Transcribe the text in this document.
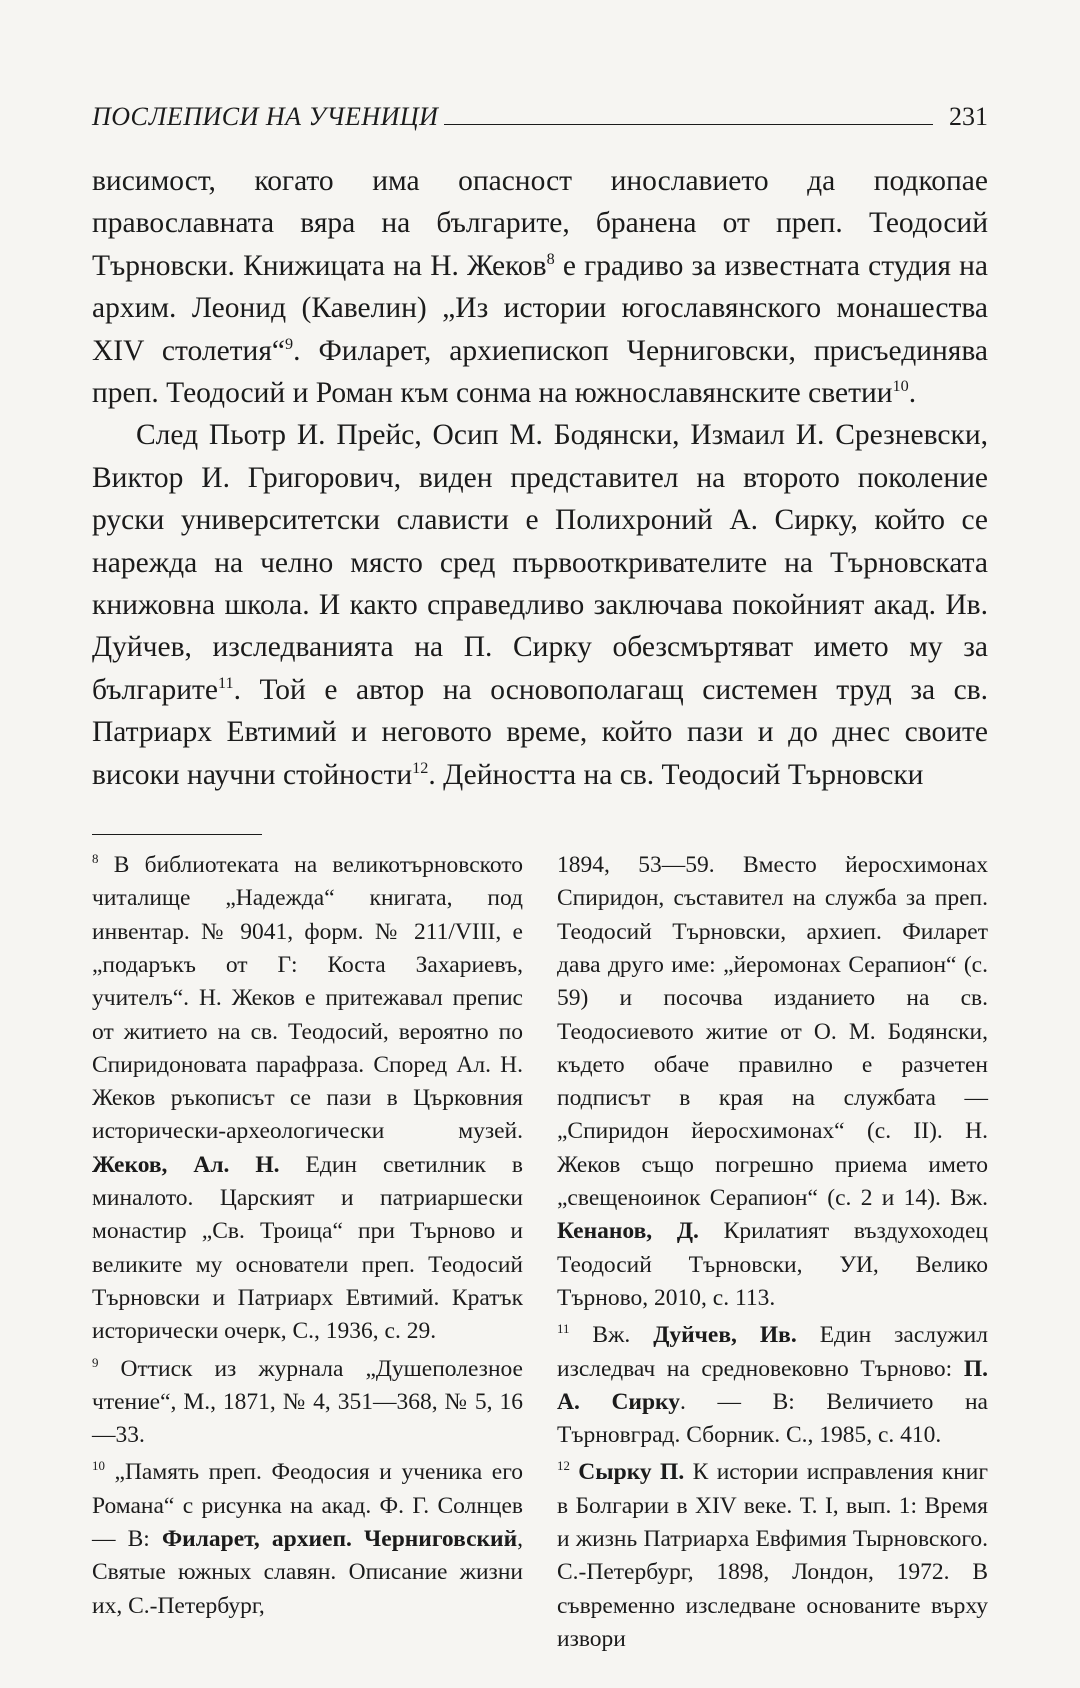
ПОСЛЕПИСИ НА УЧЕНИЦИ	231

висимост, когато има опасност инославието да подкопае православната вяра на българите, бранена от преп. Теодосий Търновски. Книжицата на Н. Жеков$^8$ е градиво за известната студия на архим. Леонид (Кавелин) „Из истории югославянского монашества XIV столетия“$^9$. Филарет, архиепископ Черниговски, присъединява преп. Теодосий и Роман към сонма на южнославянските светии$^{10}$.

След Пьотр И. Прейс, Осип М. Бодянски, Измаил И. Срезневски, Виктор И. Григорович, виден представител на второто поколение руски университетски слависти е Полихроний А. Сирку, който се нарежда на челно място сред първооткривателите на Търновската книжовна школа. И както справедливо заключава покойният акад. Ив. Дуйчев, изследванията на П. Сирку обезсмъртяват името му за българите$^{11}$. Той е автор на основополагащ системен труд за св. Патриарх Евтимий и неговото време, който пази и до днес своите високи научни стойности$^{12}$. Дейността на св. Теодосий Търновски

$^8$ В библиотеката на великотърновското читалище „Надежда“ книгата, под инвентар. № 9041, форм. № 211/VIII, е „подаръкъ от Г: Коста Захариевъ, учителъ“. Н. Жеков е притежавал препис от житието на св. Теодосий, вероятно по Спиридоновата парафраза. Според Ал. Н. Жеков ръкописът се пази в Църковния исторически-археологически музей. Жеков, Ал. Н. Един светилник в миналото. Царският и патриаршески монастир „Св. Троица“ при Търново и великите му основатели преп. Теодосий Търновски и Патриарх Евтимий. Кратък исторически очерк, С., 1936, с. 29.

$^9$ Оттиск из журнала „Душеполезное чтение“, М., 1871, № 4, 351—368, № 5, 16—33.

$^{10}$ „Память преп. Феодосия и ученика его Романа“ с рисунка на акад. Ф. Г. Солнцев — В: Филарет, архиеп. Черниговский, Святые южных славян. Описание жизни их, С.-Петербург,

1894, 53—59. Вместо йеросхимонах Спиридон, съставител на служба за преп. Теодосий Търновски, архиеп. Филарет дава друго име: „йеромонах Серапион“ (с. 59) и посочва изданието на св. Теодосиевото житие от О. М. Бодянски, където обаче правилно е разчетен подписът в края на службата — „Спиридон йеросхимонах“ (с. II). Н. Жеков също погрешно приема името „свещеноинок Серапион“ (с. 2 и 14). Вж. Кенанов, Д. Крилатият въздухоходец Теодосий Търновски, УИ, Велико Търново, 2010, с. 113.

$^{11}$ Вж. Дуйчев, Ив. Един заслужил изследвач на средновековно Търново: П. А. Сирку. — В: Величието на Търновград. Сборник. С., 1985, с. 410.

$^{12}$ Сырку П. К истории исправления книг в Болгарии в XIV веке. Т. I, вып. 1: Время и жизнь Патриарха Евфимия Тырновского. С.-Петербург, 1898, Лондон, 1972. В съвременно изследване основаните върху извори
